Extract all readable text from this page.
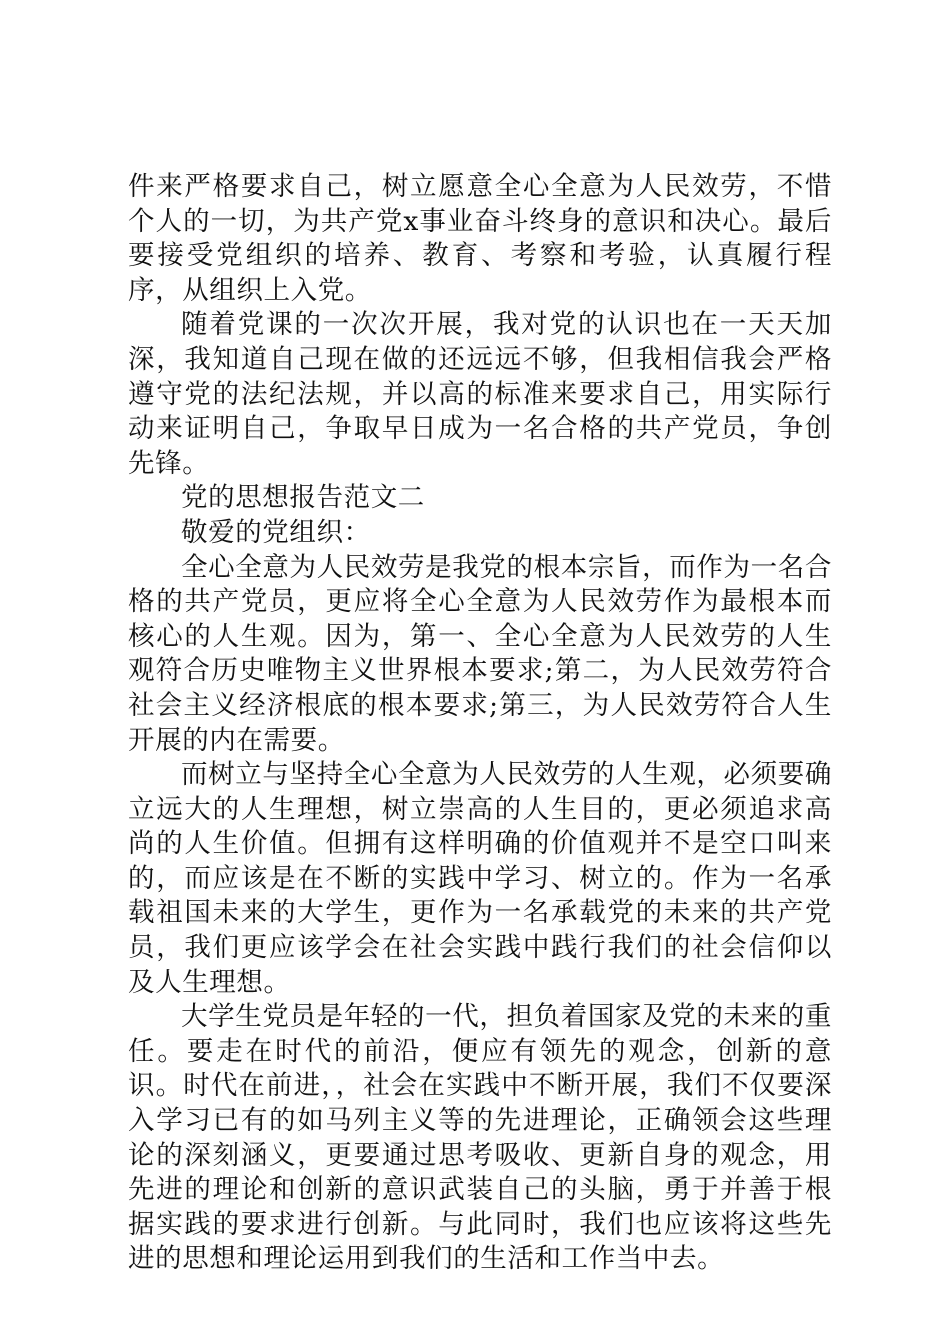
件来严格要求自己，树立愿意全心全意为人民效劳，不惜个人的一切，为共产党x事业奋斗终身的意识和决心。最后要接受党组织的培养、教育、考察和考验，认真履行程序，从组织上入党。

随着党课的一次次开展，我对党的认识也在一天天加深，我知道自己现在做的还远远不够，但我相信我会严格遵守党的法纪法规，并以高的标准来要求自己，用实际行动来证明自己，争取早日成为一名合格的共产党员，争创先锋。

党的思想报告范文二

敬爱的党组织：

全心全意为人民效劳是我党的根本宗旨，而作为一名合格的共产党员，更应将全心全意为人民效劳作为最根本而核心的人生观。因为，第一、全心全意为人民效劳的人生观符合历史唯物主义世界根本要求;第二，为人民效劳符合社会主义经济根底的根本要求;第三，为人民效劳符合人生开展的内在需要。

而树立与坚持全心全意为人民效劳的人生观，必须要确立远大的人生理想，树立崇高的人生目的，更必须追求高尚的人生价值。但拥有这样明确的价值观并不是空口叫来的，而应该是在不断的实践中学习、树立的。作为一名承载祖国未来的大学生，更作为一名承载党的未来的共产党员，我们更应该学会在社会实践中践行我们的社会信仰以及人生理想。

大学生党员是年轻的一代，担负着国家及党的未来的重任。要走在时代的前沿，便应有领先的观念，创新的意识。时代在前进，，社会在实践中不断开展，我们不仅要深入学习已有的如马列主义等的先进理论，正确领会这些理论的深刻涵义，更要通过思考吸收、更新自身的观念，用先进的理论和创新的意识武装自己的头脑，勇于并善于根据实践的要求进行创新。与此同时，我们也应该将这些先进的思想和理论运用到我们的生活和工作当中去。
